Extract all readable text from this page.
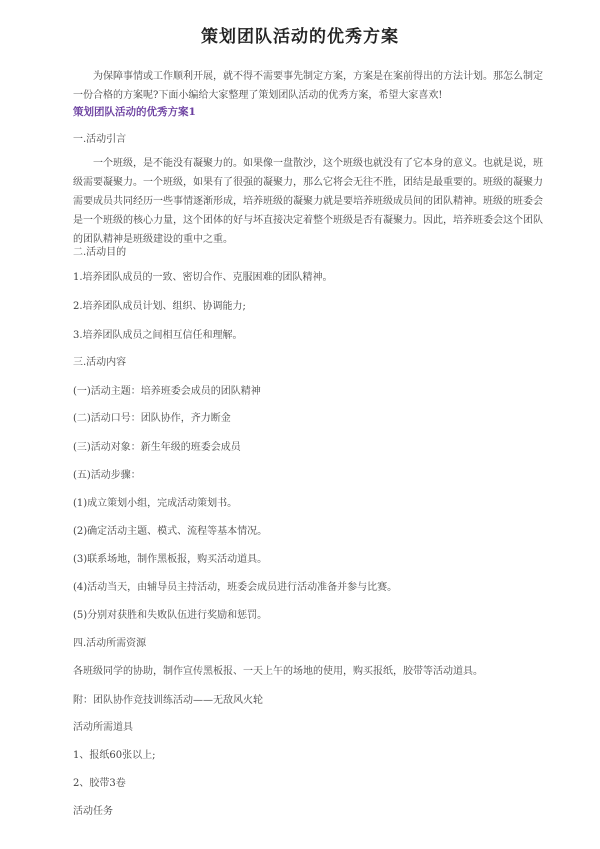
策划团队活动的优秀方案

为保障事情或工作顺利开展，就不得不需要事先制定方案，方案是在案前得出的方法计划。那怎么制定一份合格的方案呢?下面小编给大家整理了策划团队活动的优秀方案，希望大家喜欢!

策划团队活动的优秀方案1

一.活动引言

一个班级，是不能没有凝聚力的。如果像一盘散沙，这个班级也就没有了它本身的意义。也就是说，班级需要凝聚力。一个班级，如果有了很强的凝聚力，那么它将会无往不胜，团结是最重要的。班级的凝聚力需要成员共同经历一些事情逐渐形成，培养班级的凝聚力就是要培养班级成员间的团队精神。班级的班委会是一个班级的核心力量，这个团体的好与坏直接决定着整个班级是否有凝聚力。因此，培养班委会这个团队的团队精神是班级建设的重中之重。

二.活动目的

1.培养团队成员的一致、密切合作、克服困难的团队精神。

2.培养团队成员计划、组织、协调能力;

3.培养团队成员之间相互信任和理解。

三.活动内容

(一)活动主题：培养班委会成员的团队精神

(二)活动口号：团队协作，齐力断金

(三)活动对象：新生年级的班委会成员

(五)活动步骤：

(1)成立策划小组，完成活动策划书。

(2)确定活动主题、模式、流程等基本情况。

(3)联系场地，制作黑板报，购买活动道具。

(4)活动当天，由辅导员主持活动，班委会成员进行活动准备并参与比赛。

(5)分别对获胜和失败队伍进行奖励和惩罚。

四.活动所需资源

各班级同学的协助，制作宣传黑板报、一天上午的场地的使用，购买报纸，胶带等活动道具。

附：团队协作竞技训练活动——无敌风火轮

活动所需道具

1、报纸60张以上;

2、胶带3卷

活动任务
